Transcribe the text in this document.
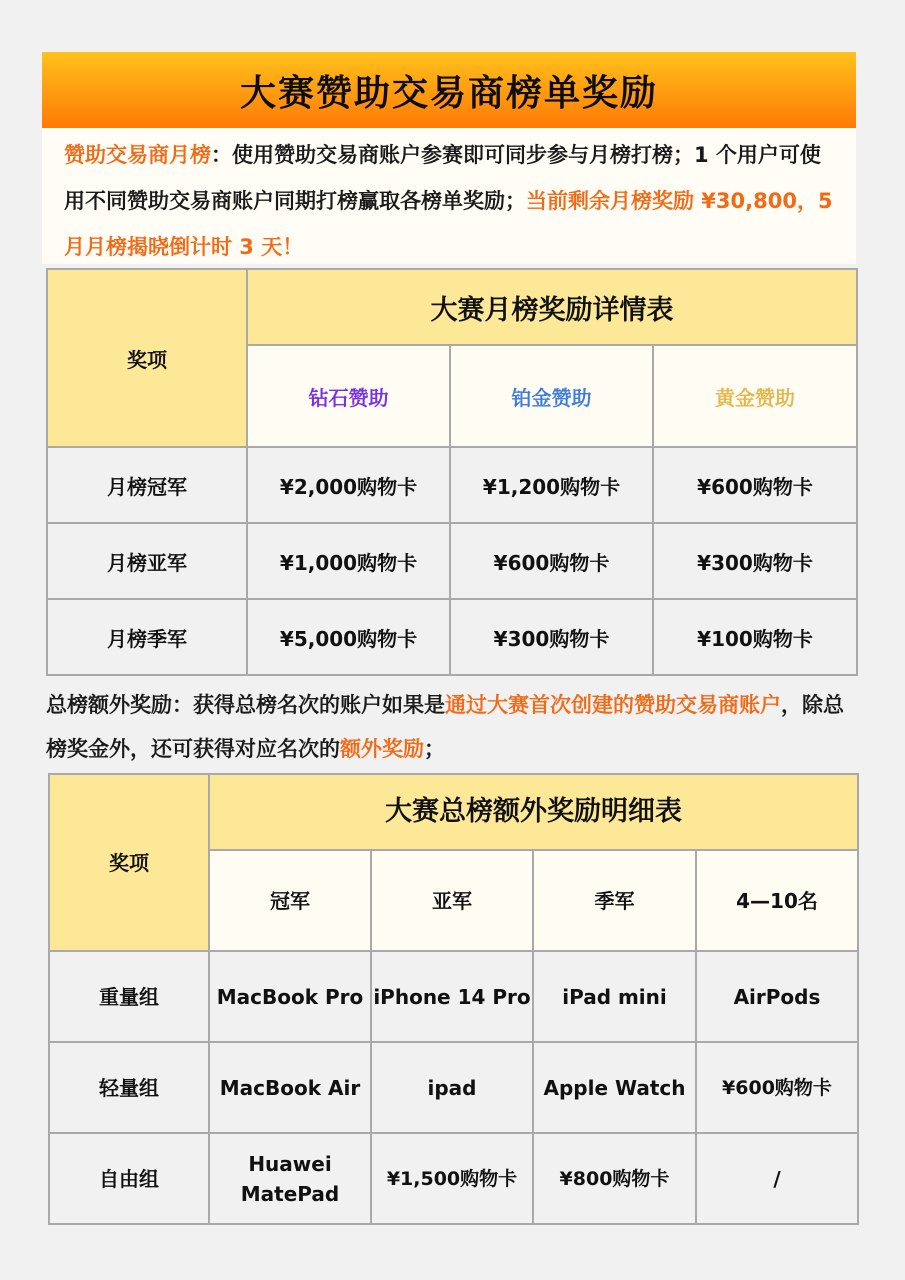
大赛赞助交易商榜单奖励
赞助交易商月榜：使用赞助交易商账户参赛即可同步参与月榜打榜；1 个用户可使用不同赞助交易商账户同期打榜赢取各榜单奖励；当前剩余月榜奖励 ¥30,800，5月月榜揭晓倒计时 3 天！
奖项	大赛月榜奖励详情表		
	钻石赞助	铂金赞助	黄金赞助
月榜冠军	¥2,000购物卡	¥1,200购物卡	¥600购物卡
月榜亚军	¥1,000购物卡	¥600购物卡	¥300购物卡
月榜季军	¥5,000购物卡	¥300购物卡	¥100购物卡
总榜额外奖励：获得总榜名次的账户如果是通过大赛首次创建的赞助交易商账户，除总榜奖金外，还可获得对应名次的额外奖励；
奖项	大赛总榜额外奖励明细表			
	冠军	亚军	季军	4—10名
重量组	MacBook Pro	iPhone 14 Pro	iPad mini	AirPods
轻量组	MacBook Air	ipad	Apple Watch	¥600购物卡
自由组	Huawei MatePad	¥1,500购物卡	¥800购物卡	/
